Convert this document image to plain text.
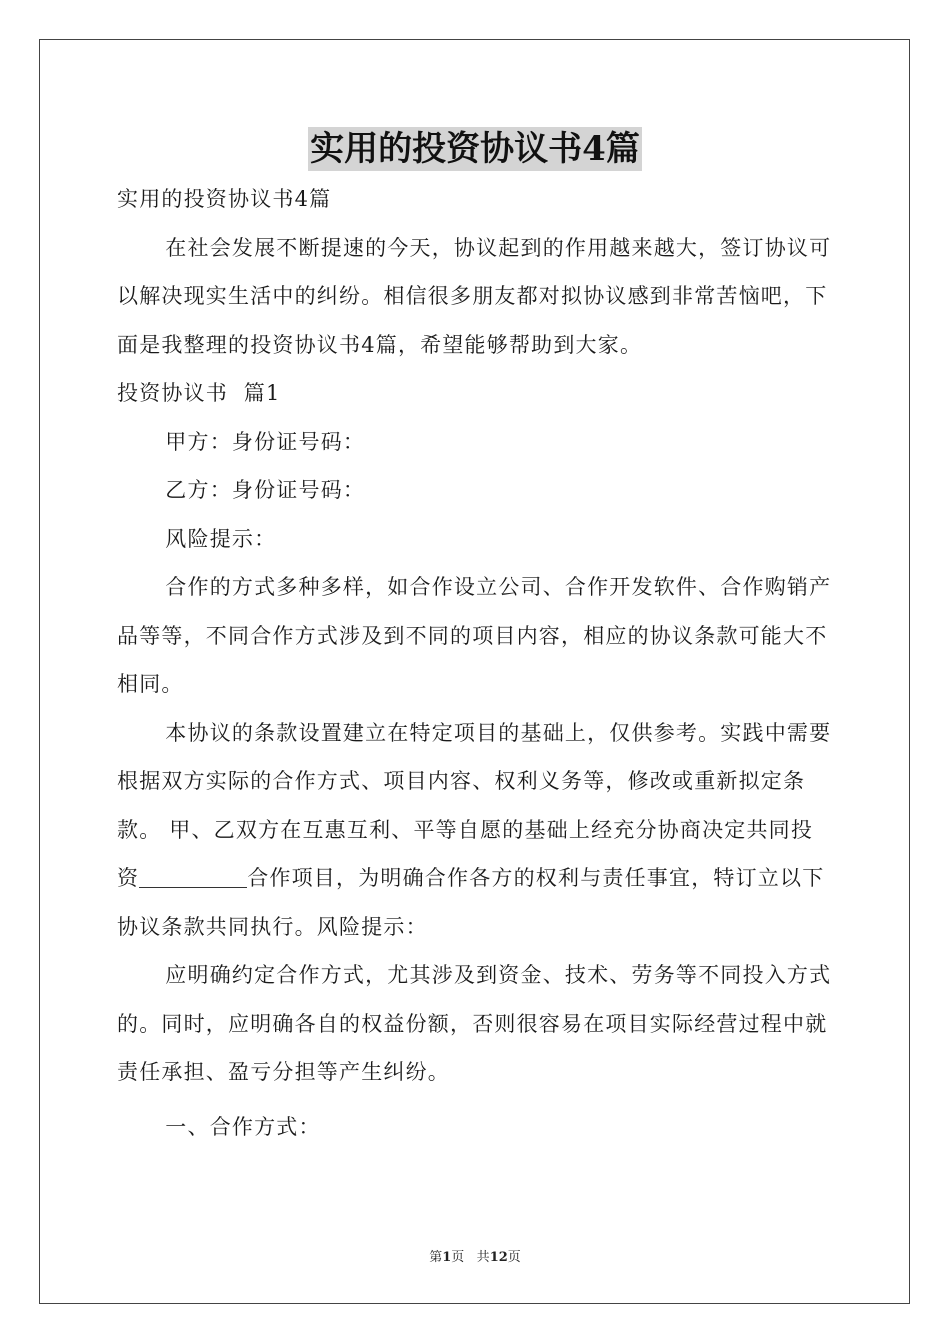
实用的投资协议书4篇

实用的投资协议书4篇

在社会发展不断提速的今天，协议起到的作用越来越大，签订协议可以解决现实生活中的纠纷。相信很多朋友都对拟协议感到非常苦恼吧，下面是我整理的投资协议书4篇，希望能够帮助到大家。

投资协议书  篇1

甲方：身份证号码：

乙方：身份证号码：

风险提示：

合作的方式多种多样，如合作设立公司、合作开发软件、合作购销产品等等，不同合作方式涉及到不同的项目内容，相应的协议条款可能大不相同。

本协议的条款设置建立在特定项目的基础上，仅供参考。实践中需要根据双方实际的合作方式、项目内容、权利义务等，修改或重新拟定条款。 甲、乙双方在互惠互利、平等自愿的基础上经充分协商决定共同投资	合作项目，为明确合作各方的权利与责任事宜，特订立以下协议条款共同执行。风险提示：

应明确约定合作方式，尤其涉及到资金、技术、劳务等不同投入方式的。同时，应明确各自的权益份额，否则很容易在项目实际经营过程中就责任承担、盈亏分担等产生纠纷。

一、合作方式：

第1页 共12页
